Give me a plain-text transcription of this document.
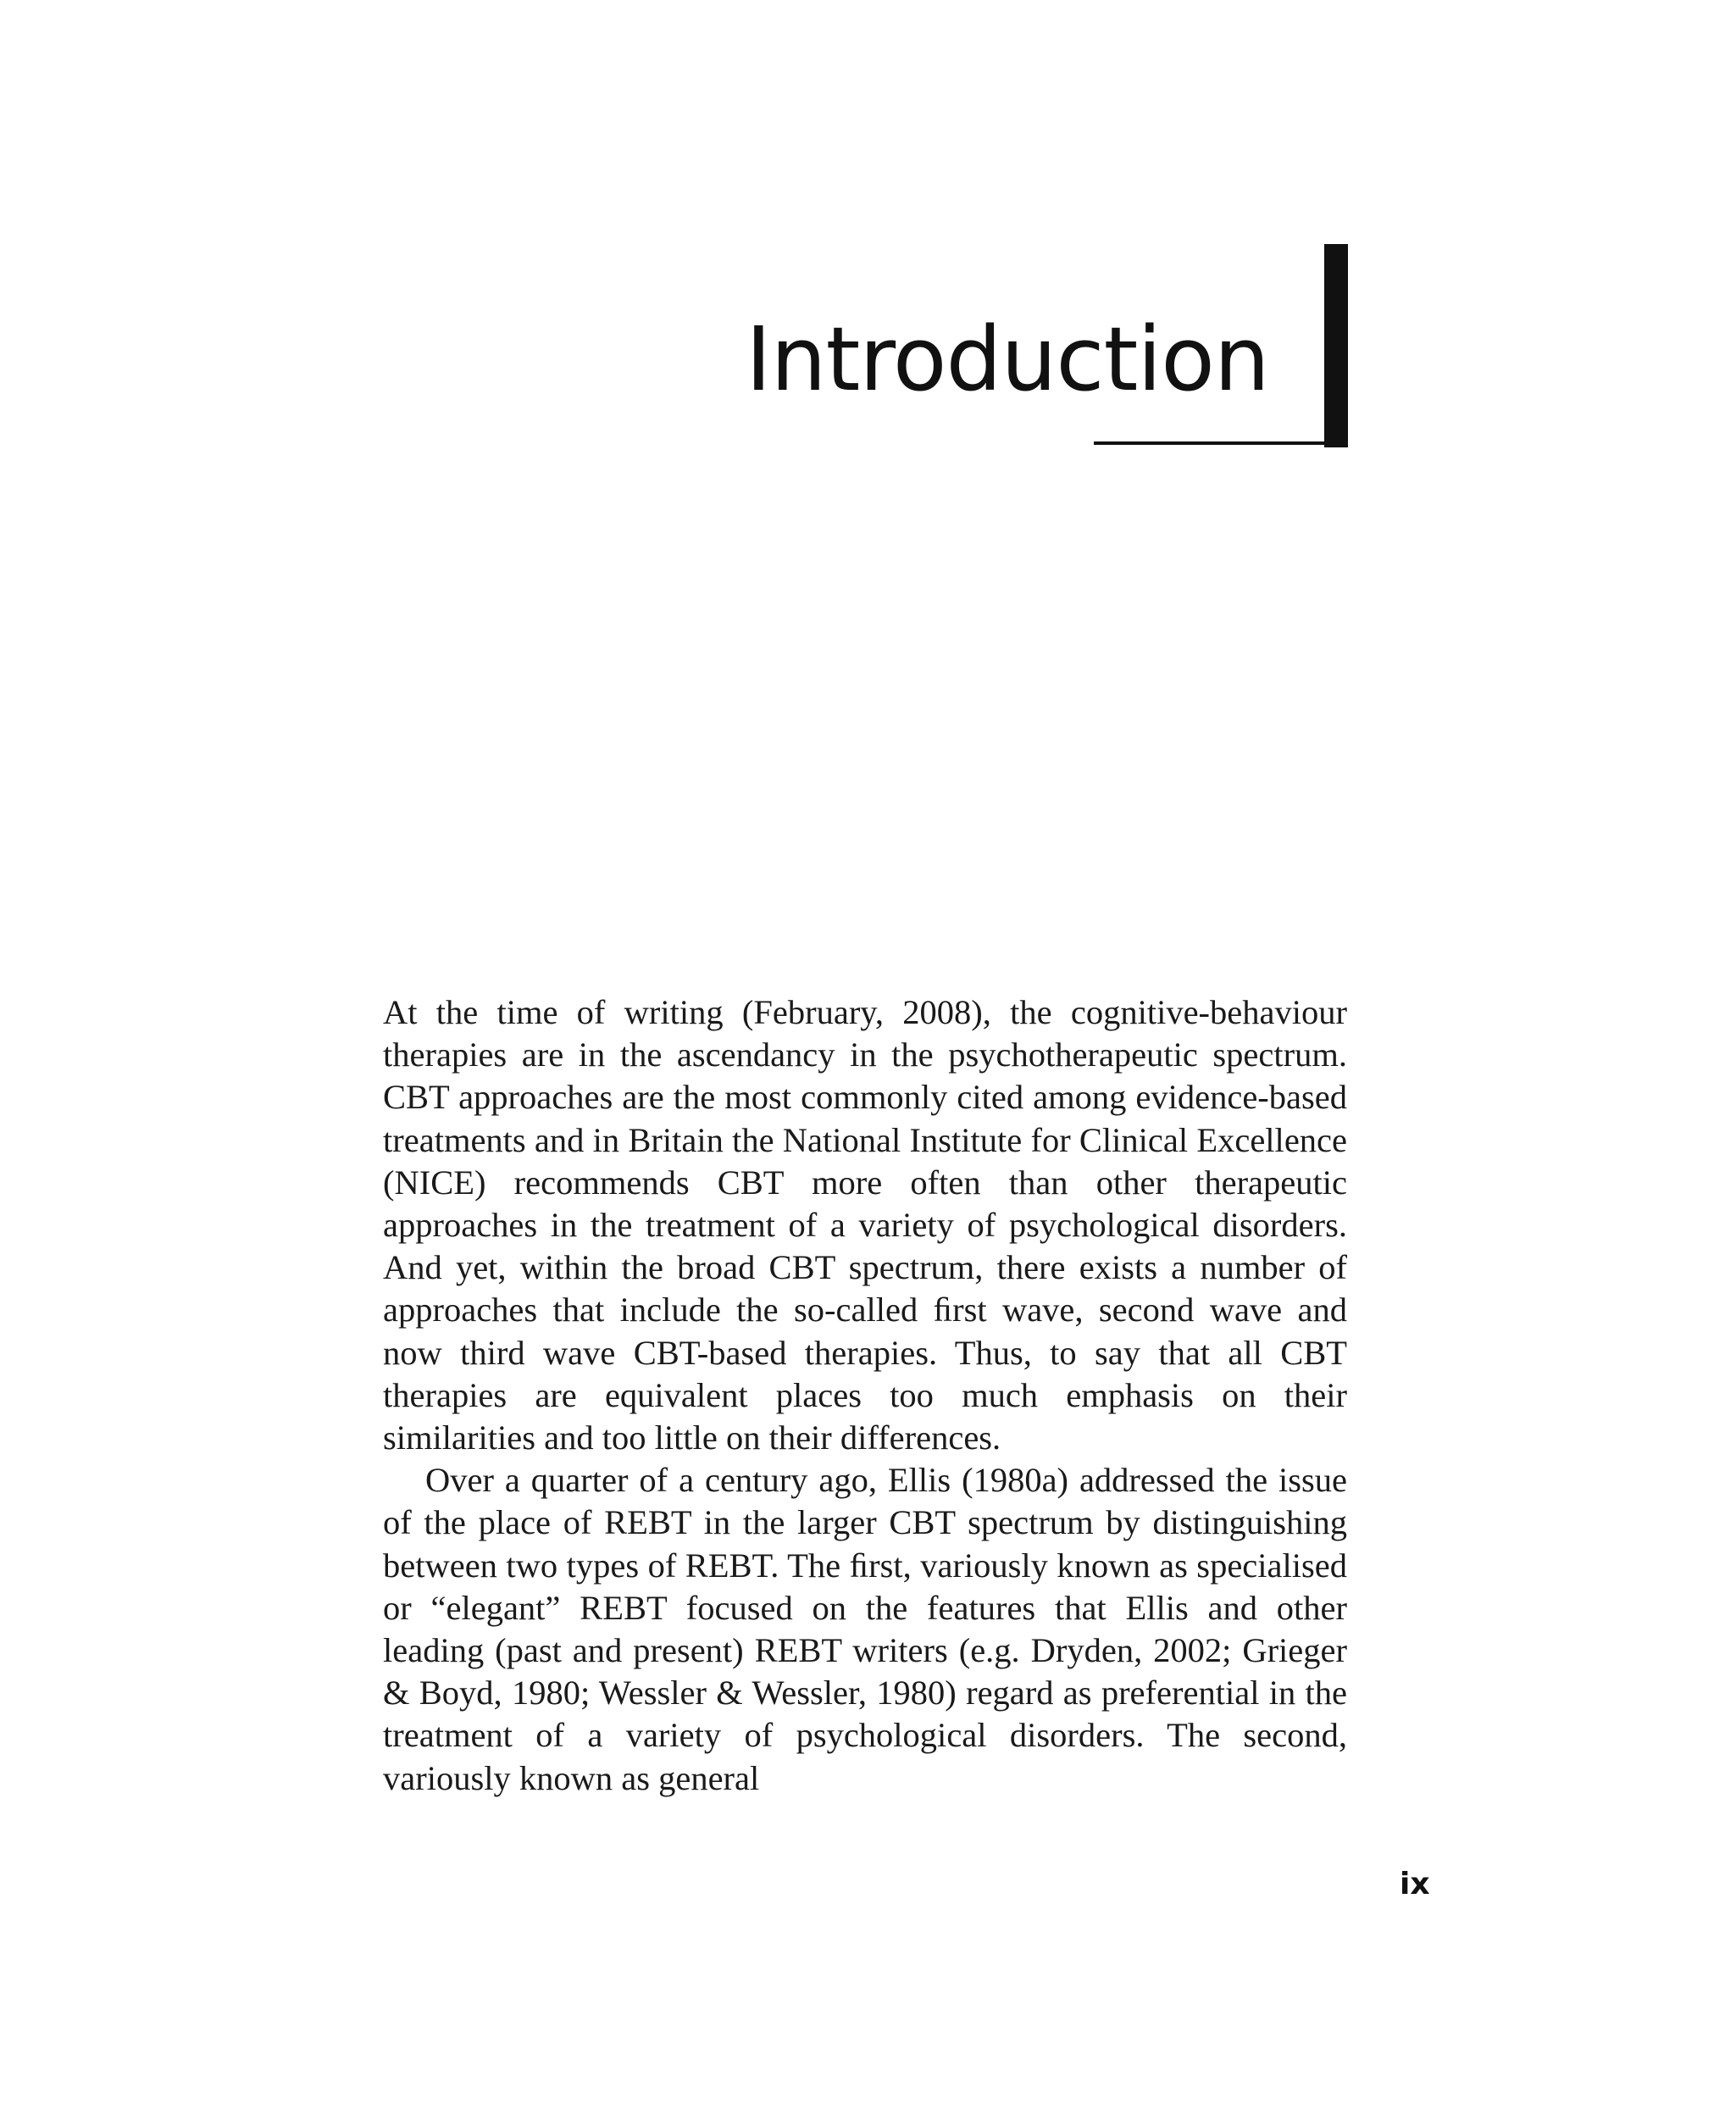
Introduction

At the time of writing (February, 2008), the cognitive-behaviour therapies are in the ascendancy in the psychotherapeutic spectrum. CBT approaches are the most commonly cited among evidence-based treatments and in Britain the National Institute for Clinical Excellence (NICE) recommends CBT more often than other therapeutic approaches in the treatment of a variety of psychological disorders. And yet, within the broad CBT spectrum, there exists a number of approaches that include the so-called ﬁrst wave, second wave and now third wave CBT-based therapies. Thus, to say that all CBT therapies are equivalent places too much emphasis on their similarities and too little on their differences.

Over a quarter of a century ago, Ellis (1980a) addressed the issue of the place of REBT in the larger CBT spectrum by distinguishing between two types of REBT. The ﬁrst, variously known as specialised or “elegant” REBT focused on the features that Ellis and other leading (past and present) REBT writers (e.g. Dryden, 2002; Grieger & Boyd, 1980; Wessler & Wessler, 1980) regard as preferential in the treatment of a variety of psychological disorders. The second, variously known as general

ix
